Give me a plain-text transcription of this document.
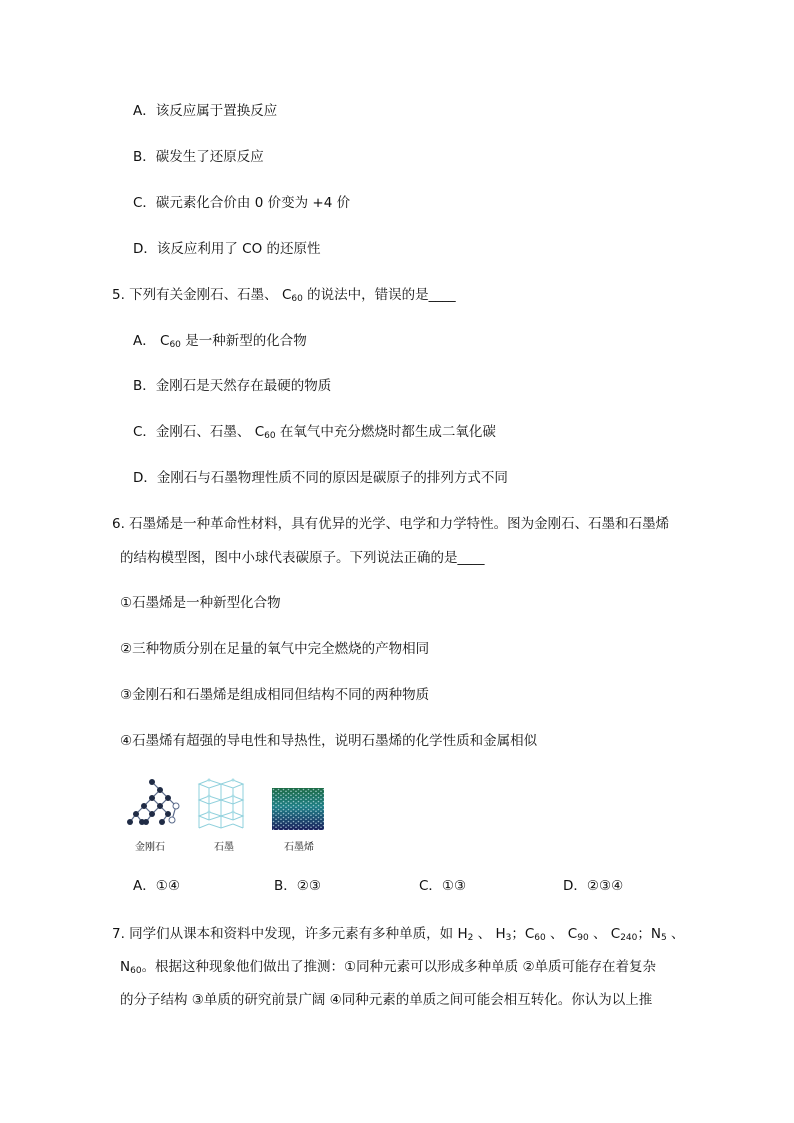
A．该反应属于置换反应
B．碳发生了还原反应
C．碳元素化合价由 0 价变为 +4 价
D．该反应利用了 CO 的还原性
5. 下列有关金刚石、石墨、 $C_{60}$ 的说法中，错误的是____
A． $C_{60}$ 是一种新型的化合物
B．金刚石是天然存在最硬的物质
C．金刚石、石墨、 $C_{60}$ 在氧气中充分燃烧时都生成二氧化碳
D．金刚石与石墨物理性质不同的原因是碳原子的排列方式不同
6. 石墨烯是一种革命性材料，具有优异的光学、电学和力学特性。图为金刚石、石墨和石墨烯
的结构模型图，图中小球代表碳原子。下列说法正确的是____
①石墨烯是一种新型化合物
②三种物质分别在足量的氧气中完全燃烧的产物相同
③金刚石和石墨烯是组成相同但结构不同的两种物质
④石墨烯有超强的导电性和导热性，说明石墨烯的化学性质和金属相似
金刚石	石墨	石墨烯
A．①④	B．②③	C．①③	D．②③④
7. 同学们从课本和资料中发现，许多元素有多种单质，如 $H_2$ 、 $H_3$；$C_{60}$ 、 $C_{90}$ 、 $C_{240}$；$N_5$ 、
$N_{60}$。根据这种现象他们做出了推测：①同种元素可以形成多种单质 ②单质可能存在着复杂
的分子结构 ③单质的研究前景广阔 ④同种元素的单质之间可能会相互转化。你认为以上推
